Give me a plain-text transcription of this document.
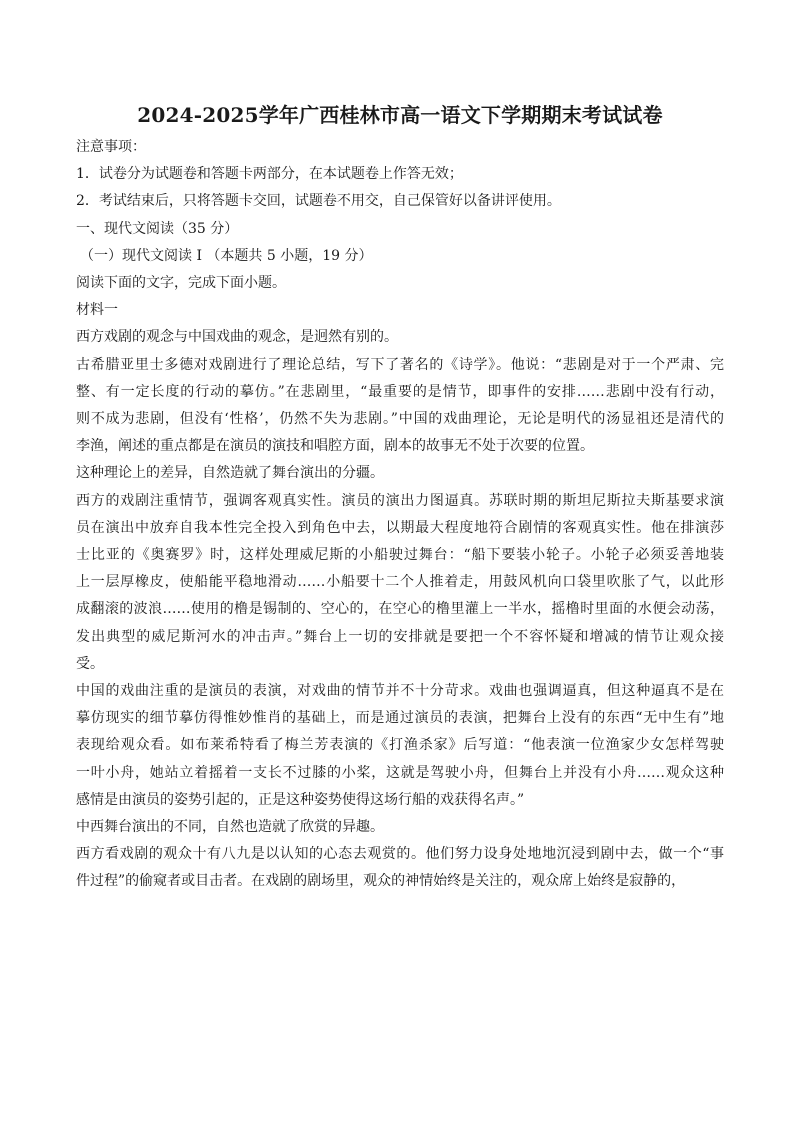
2024-2025学年广西桂林市高一语文下学期期末考试试卷

注意事项：

1．试卷分为试题卷和答题卡两部分，在本试题卷上作答无效；

2．考试结束后，只将答题卡交回，试题卷不用交，自己保管好以备讲评使用。

一、现代文阅读（35 分）

（一）现代文阅读 I （本题共 5 小题，19 分）

阅读下面的文字，完成下面小题。

材料一

西方戏剧的观念与中国戏曲的观念，是迥然有别的。

古希腊亚里士多德对戏剧进行了理论总结，写下了著名的《诗学》。他说：“悲剧是对于一个严肃、完
整、有一定长度的行动的摹仿。”在悲剧里，“最重要的是情节，即事件的安排……悲剧中没有行动，
则不成为悲剧，但没有‘性格’，仍然不失为悲剧。”中国的戏曲理论，无论是明代的汤显祖还是清代的
李渔，阐述的重点都是在演员的演技和唱腔方面，剧本的故事无不处于次要的位置。

这种理论上的差异，自然造就了舞台演出的分疆。

西方的戏剧注重情节，强调客观真实性。演员的演出力图逼真。苏联时期的斯坦尼斯拉夫斯基要求演
员在演出中放弃自我本性完全投入到角色中去，以期最大程度地符合剧情的客观真实性。他在排演莎
士比亚的《奥赛罗》时，这样处理威尼斯的小船驶过舞台：“船下要装小轮子。小轮子必须妥善地装
上一层厚橡皮，使船能平稳地滑动……小船要十二个人推着走，用鼓风机向口袋里吹胀了气，以此形
成翻滚的波浪……使用的橹是锡制的、空心的，在空心的橹里灌上一半水，摇橹时里面的水便会动荡，
发出典型的威尼斯河水的冲击声。”舞台上一切的安排就是要把一个不容怀疑和增减的情节让观众接
受。

中国的戏曲注重的是演员的表演，对戏曲的情节并不十分苛求。戏曲也强调逼真，但这种逼真不是在
摹仿现实的细节摹仿得惟妙惟肖的基础上，而是通过演员的表演，把舞台上没有的东西“无中生有”地
表现给观众看。如布莱希特看了梅兰芳表演的《打渔杀家》后写道：“他表演一位渔家少女怎样驾驶
一叶小舟，她站立着摇着一支长不过膝的小桨，这就是驾驶小舟，但舞台上并没有小舟……观众这种
感情是由演员的姿势引起的，正是这种姿势使得这场行船的戏获得名声。”

中西舞台演出的不同，自然也造就了欣赏的异趣。

西方看戏剧的观众十有八九是以认知的心态去观赏的。他们努力设身处地地沉浸到剧中去，做一个“事
件过程”的偷窥者或目击者。在戏剧的剧场里，观众的神情始终是关注的，观众席上始终是寂静的，
